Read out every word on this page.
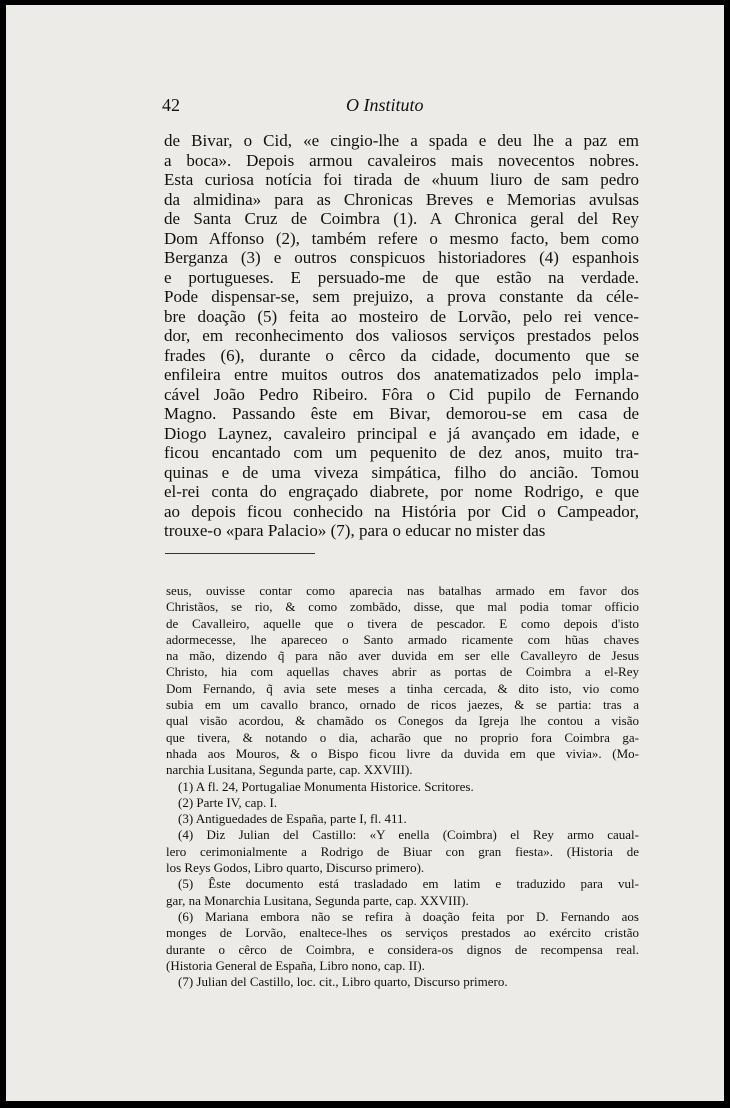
42	O Instituto
de Bivar, o Cid, «e cingio-lhe a spada e deu lhe a paz em
a boca». Depois armou cavaleiros mais novecentos nobres.
Esta curiosa notícia foi tirada de «huum liuro de sam pedro
da almidina» para as Chronicas Breves e Memorias avulsas
de Santa Cruz de Coimbra (1). A Chronica geral del Rey
Dom Affonso (2), também refere o mesmo facto, bem como
Berganza (3) e outros conspicuos historiadores (4) espanhois
e portugueses. E persuado-me de que estão na verdade.
Pode dispensar-se, sem prejuizo, a prova constante da céle-
bre doação (5) feita ao mosteiro de Lorvão, pelo rei vence-
dor, em reconhecimento dos valiosos serviços prestados pelos
frades (6), durante o cêrco da cidade, documento que se
enfileira entre muitos outros dos anatematizados pelo impla-
cável João Pedro Ribeiro. Fôra o Cid pupilo de Fernando
Magno. Passando êste em Bivar, demorou-se em casa de
Diogo Laynez, cavaleiro principal e já avançado em idade, e
ficou encantado com um pequenito de dez anos, muito tra-
quinas e de uma viveza simpática, filho do ancião. Tomou
el-rei conta do engraçado diabrete, por nome Rodrigo, e que
ao depois ficou conhecido na História por Cid o Campeador,
trouxe-o «para Palacio» (7), para o educar no mister das
seus, ouvisse contar como aparecia nas batalhas armado em favor dos
Christãos, se rio, & como zombãdo, disse, que mal podia tomar officio
de Cavalleiro, aquelle que o tivera de pescador. E como depois d'isto
adormecesse, lhe apareceo o Santo armado ricamente com hũas chaves
na mão, dizendo q̃ para não aver duvida em ser elle Cavalleyro de Jesus
Christo, hia com aquellas chaves abrir as portas de Coimbra a el-Rey
Dom Fernando, q̃ avia sete meses a tinha cercada, & dito isto, vio como
subia em um cavallo branco, ornado de ricos jaezes, & se partia: tras a
qual visão acordou, & chamãdo os Conegos da Igreja lhe contou a visão
que tivera, & notando o dia, acharão que no proprio fora Coimbra ga-
nhada aos Mouros, & o Bispo ficou livre da duvida em que vivia». (Mo-
narchia Lusitana, Segunda parte, cap. XXVIII).
(1) A fl. 24, Portugaliae Monumenta Historice. Scritores.
(2) Parte IV, cap. I.
(3) Antiguedades de España, parte I, fl. 411.
(4) Diz Julian del Castillo: «Y enella (Coimbra) el Rey armo caual-
lero cerimonialmente a Rodrigo de Biuar con gran fiesta». (Historia de
los Reys Godos, Libro quarto, Discurso primero).
(5) Êste documento está trasladado em latim e traduzido para vul-
gar, na Monarchia Lusitana, Segunda parte, cap. XXVIII).
(6) Mariana embora não se refira à doação feita por D. Fernando aos
monges de Lorvão, enaltece-lhes os serviços prestados ao exército cristão
durante o cêrco de Coimbra, e considera-os dignos de recompensa real.
(Historia General de España, Libro nono, cap. II).
(7) Julian del Castillo, loc. cit., Libro quarto, Discurso primero.
